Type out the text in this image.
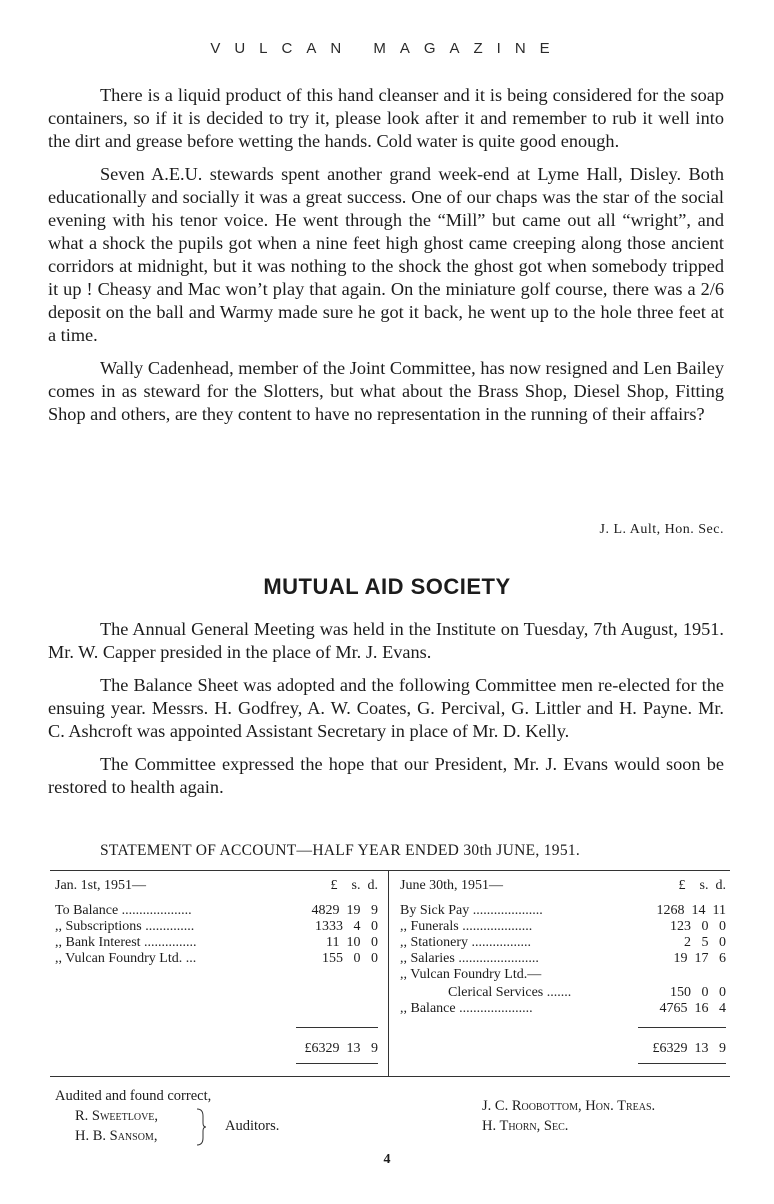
VULCAN MAGAZINE

There is a liquid product of this hand cleanser and it is being considered for the soap containers, so if it is decided to try it, please look after it and remember to rub it well into the dirt and grease before wetting the hands. Cold water is quite good enough.

Seven A.E.U. stewards spent another grand week-end at Lyme Hall, Disley. Both educationally and socially it was a great success. One of our chaps was the star of the social evening with his tenor voice. He went through the “Mill” but came out all “wright”, and what a shock the pupils got when a nine feet high ghost came creeping along those ancient corridors at midnight, but it was nothing to the shock the ghost got when somebody tripped it up ! Cheasy and Mac won’t play that again. On the miniature golf course, there was a 2/6 deposit on the ball and Warmy made sure he got it back, he went up to the hole three feet at a time.

Wally Cadenhead, member of the Joint Committee, has now resigned and Len Bailey comes in as steward for the Slotters, but what about the Brass Shop, Diesel Shop, Fitting Shop and others, are they content to have no representation in the running of their affairs?

J. L. Ault, Hon. Sec.
MUTUAL AID SOCIETY

The Annual General Meeting was held in the Institute on Tuesday, 7th August, 1951. Mr. W. Capper presided in the place of Mr. J. Evans.

The Balance Sheet was adopted and the following Committee men re-elected for the ensuing year. Messrs. H. Godfrey, A. W. Coates, G. Percival, G. Littler and H. Payne. Mr. C. Ashcroft was appointed Assistant Secretary in place of Mr. D. Kelly.

The Committee expressed the hope that our President, Mr. J. Evans would soon be restored to health again.

STATEMENT OF ACCOUNT—HALF YEAR ENDED 30th JUNE, 1951.
Jan. 1st, 1951—	£    s.  d.
To Balance ....................	4829  19   9
,, Subscriptions ..............	1333   4   0
,, Bank Interest ...............	11  10   0
,, Vulcan Foundry Ltd. ...	155   0   0
£6329  13   9
June 30th, 1951—	£    s.  d.
By Sick Pay ....................	1268  14  11
,, Funerals ....................	123   0   0
,, Stationery .................	2   5   0
,, Salaries .......................	19  17   6
,, Vulcan Foundry Ltd.—
Clerical Services .......	150   0   0
,, Balance .....................	4765  16   4
£6329  13   9
Audited and found correct,
R. Sweetlove,
H. B. Sansom,
Auditors.
J. C. Roobottom, Hon. Treas.
H. Thorn, Sec.
4
